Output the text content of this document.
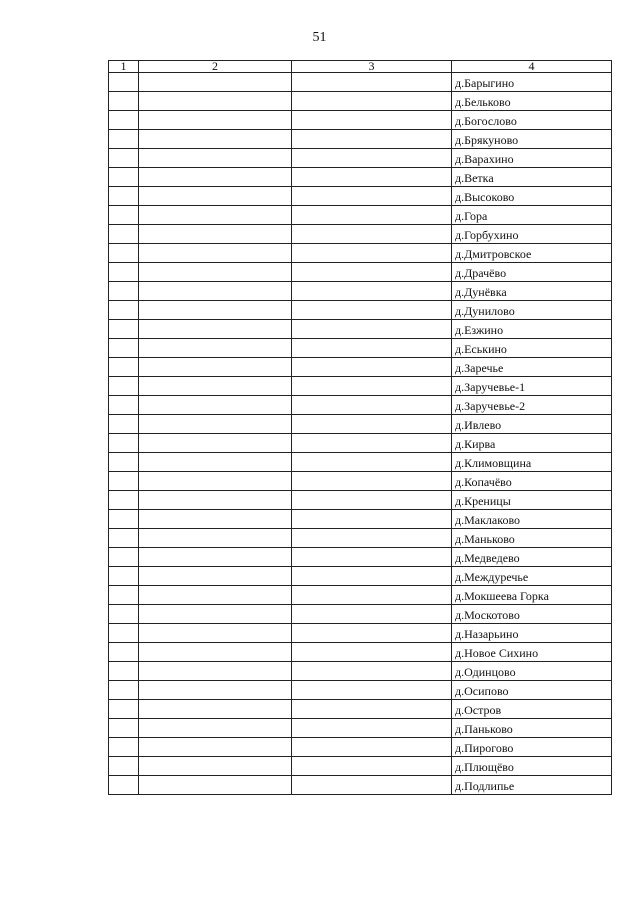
51
1	2	3	4
			д.Барыгино
			д.Бельково
			д.Богослово
			д.Брякуново
			д.Варахино
			д.Ветка
			д.Высоково
			д.Гора
			д.Горбухино
			д.Дмитровское
			д.Драчёво
			д.Дунёвка
			д.Дунилово
			д.Езжино
			д.Еськино
			д.Заречье
			д.Заручевье-1
			д.Заручевье-2
			д.Ивлево
			д.Кирва
			д.Климовщина
			д.Копачёво
			д.Креницы
			д.Маклаково
			д.Маньково
			д.Медведево
			д.Междуречье
			д.Мокшеева Горка
			д.Москотово
			д.Назарьино
			д.Новое Сихино
			д.Одинцово
			д.Осипово
			д.Остров
			д.Паньково
			д.Пирогово
			д.Плющёво
			д.Подлипье
